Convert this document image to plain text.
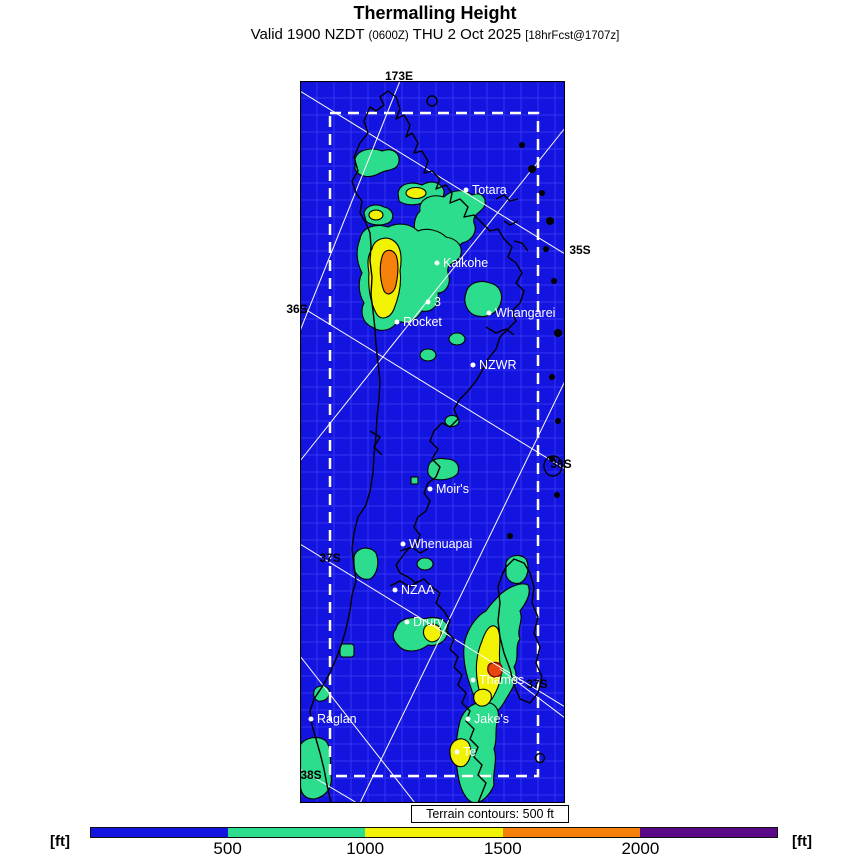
Thermalling Height
Valid 1900 NZDT (0600Z) THU 2 Oct 2025 [18hrFcst@1707z]
Terrain contours: 500 ft
[ft]	[ft]
173E
35S
36S
36S
37S
37S
38S
Totara
Kaikohe
3
Whangarei
Rocket
NZWR
Moir's
Whenuapai
NZAA
Drury
Thames
Jake's
Te
Raglan
500	1000	1500	2000
